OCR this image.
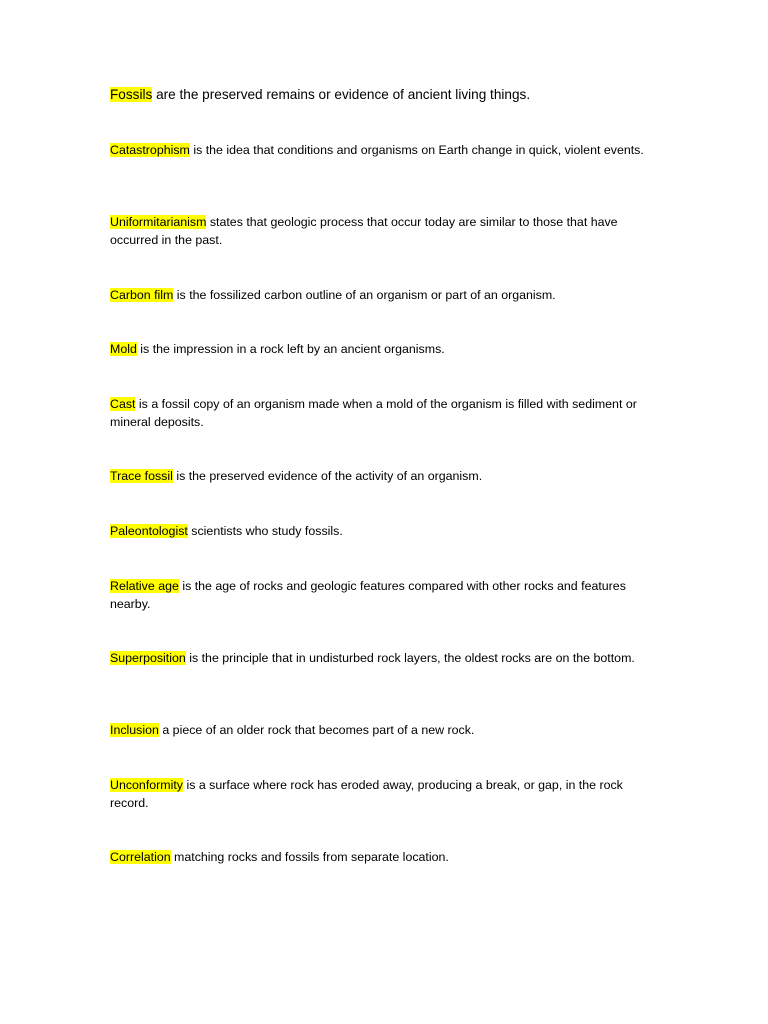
Fossils are the preserved remains or evidence of ancient living things.

Catastrophism is the idea that conditions and organisms on Earth change in quick, violent events.

Uniformitarianism states that geologic process that occur today are similar to those that have occurred in the past.

Carbon film is the fossilized carbon outline of an organism or part of an organism.

Mold is the impression in a rock left by an ancient organisms.

Cast is a fossil copy of an organism made when a mold of the organism is filled with sediment or mineral deposits.

Trace fossil is the preserved evidence of the activity of an organism.

Paleontologist scientists who study fossils.

Relative age is the age of rocks and geologic features compared with other rocks and features nearby.

Superposition is the principle that in undisturbed rock layers, the oldest rocks are on the bottom.

Inclusion a piece of an older rock that becomes part of a new rock.

Unconformity is a surface where rock has eroded away, producing a break, or gap, in the rock record.

Correlation matching rocks and fossils from separate location.
